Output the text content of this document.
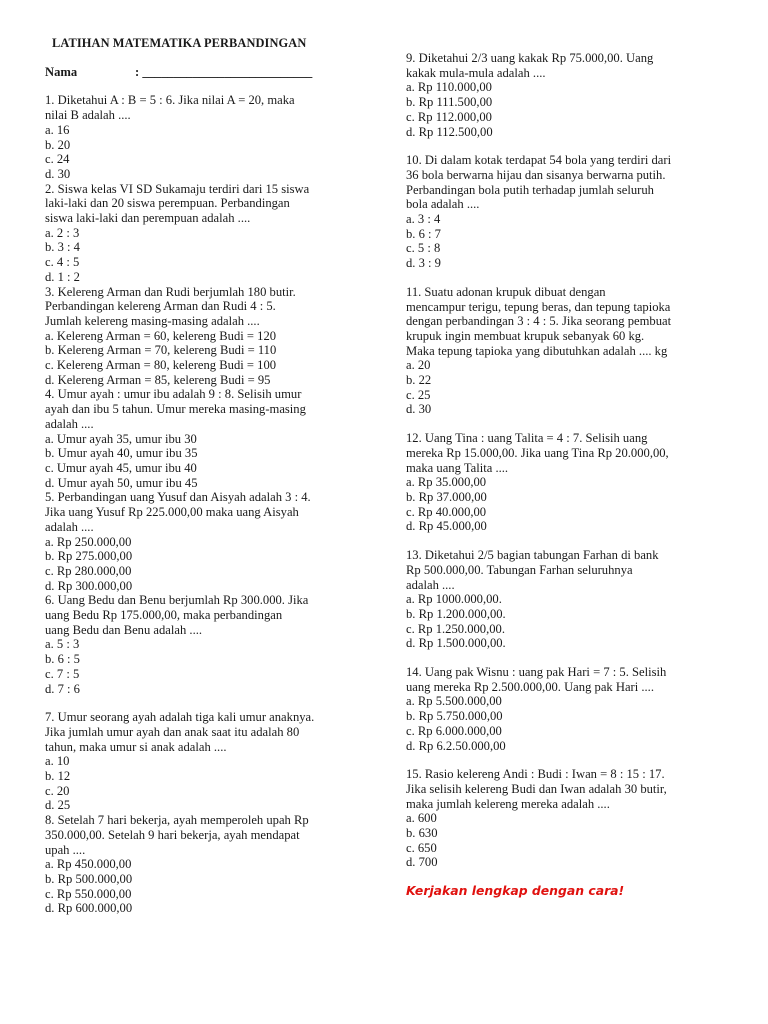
LATIHAN MATEMATIKA PERBANDINGAN
Nama	: ___________________________
1. Diketahui A : B = 5 : 6. Jika nilai A = 20, maka
nilai B adalah ....
a. 16
b. 20
c. 24
d. 30
2. Siswa kelas VI SD Sukamaju terdiri dari 15 siswa
laki-laki dan 20 siswa perempuan. Perbandingan
siswa laki-laki dan perempuan adalah ....
a. 2 : 3
b. 3 : 4
c. 4 : 5
d. 1 : 2
3. Kelereng Arman dan Rudi berjumlah 180 butir.
Perbandingan kelereng Arman dan Rudi 4 : 5.
Jumlah kelereng masing-masing adalah ....
a. Kelereng Arman = 60, kelereng Budi = 120
b. Kelereng Arman = 70, kelereng Budi = 110
c. Kelereng Arman = 80, kelereng Budi = 100
d. Kelereng Arman = 85, kelereng Budi = 95
4. Umur ayah : umur ibu adalah 9 : 8. Selisih umur
ayah dan ibu 5 tahun. Umur mereka masing-masing
adalah ....
a. Umur ayah 35, umur ibu 30
b. Umur ayah 40, umur ibu 35
c. Umur ayah 45, umur ibu 40
d. Umur ayah 50, umur ibu 45
5. Perbandingan uang Yusuf dan Aisyah adalah 3 : 4.
Jika uang Yusuf Rp 225.000,00 maka uang Aisyah
adalah ....
a. Rp 250.000,00
b. Rp 275.000,00
c. Rp 280.000,00
d. Rp 300.000,00
6. Uang Bedu dan Benu berjumlah Rp 300.000. Jika
uang Bedu Rp 175.000,00, maka perbandingan
uang Bedu dan Benu adalah ....
a. 5 : 3
b. 6 : 5
c. 7 : 5
d. 7 : 6
7. Umur seorang ayah adalah tiga kali umur anaknya.
Jika jumlah umur ayah dan anak saat itu adalah 80
tahun, maka umur si anak adalah ....
a. 10
b. 12
c. 20
d. 25
8. Setelah 7 hari bekerja, ayah memperoleh upah Rp
350.000,00. Setelah 9 hari bekerja, ayah mendapat
upah ....
a. Rp 450.000,00
b. Rp 500.000,00
c. Rp 550.000,00
d. Rp 600.000,00
9. Diketahui 2/3 uang kakak Rp 75.000,00. Uang
kakak mula-mula adalah ....
a. Rp 110.000,00
b. Rp 111.500,00
c. Rp 112.000,00
d. Rp 112.500,00
10. Di dalam kotak terdapat 54 bola yang terdiri dari
36 bola berwarna hijau dan sisanya berwarna putih.
Perbandingan bola putih terhadap jumlah seluruh
bola adalah ....
a. 3 : 4
b. 6 : 7
c. 5 : 8
d. 3 : 9
11. Suatu adonan krupuk dibuat dengan
mencampur terigu, tepung beras, dan tepung tapioka
dengan perbandingan 3 : 4 : 5. Jika seorang pembuat
krupuk ingin membuat krupuk sebanyak 60 kg.
Maka tepung tapioka yang dibutuhkan adalah .... kg
a. 20
b. 22
c. 25
d. 30
12. Uang Tina : uang Talita = 4 : 7. Selisih uang
mereka Rp 15.000,00. Jika uang Tina Rp 20.000,00,
maka uang Talita ....
a. Rp 35.000,00
b. Rp 37.000,00
c. Rp 40.000,00
d. Rp 45.000,00
13. Diketahui 2/5 bagian tabungan Farhan di bank
Rp 500.000,00. Tabungan Farhan seluruhnya
adalah ....
a. Rp 1000.000,00.
b. Rp 1.200.000,00.
c. Rp 1.250.000,00.
d. Rp 1.500.000,00.
14. Uang pak Wisnu : uang pak Hari = 7 : 5. Selisih
uang mereka Rp 2.500.000,00. Uang pak Hari ....
a. Rp 5.500.000,00
b. Rp 5.750.000,00
c. Rp 6.000.000,00
d. Rp 6.2.50.000,00
15. Rasio kelereng Andi : Budi : Iwan = 8 : 15 : 17.
Jika selisih kelereng Budi dan Iwan adalah 30 butir,
maka jumlah kelereng mereka adalah ....
a. 600
b. 630
c. 650
d. 700
Kerjakan lengkap dengan cara!
